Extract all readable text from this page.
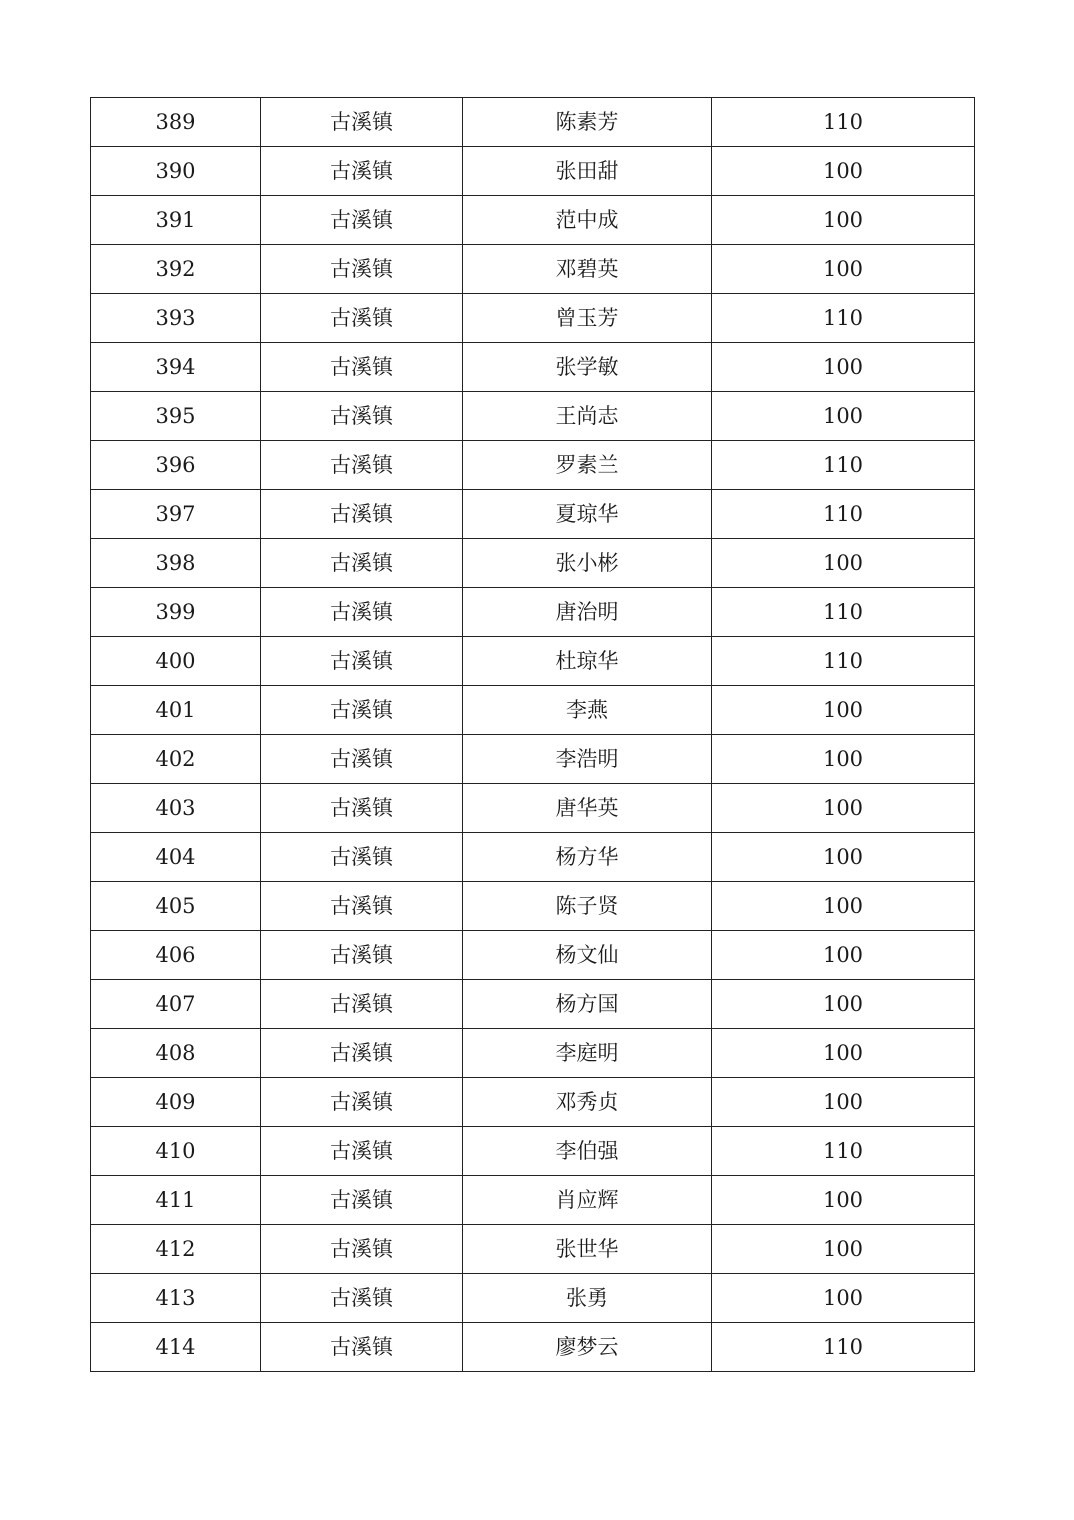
389	古溪镇	陈素芳	110
390	古溪镇	张田甜	100
391	古溪镇	范中成	100
392	古溪镇	邓碧英	100
393	古溪镇	曾玉芳	110
394	古溪镇	张学敏	100
395	古溪镇	王尚志	100
396	古溪镇	罗素兰	110
397	古溪镇	夏琼华	110
398	古溪镇	张小彬	100
399	古溪镇	唐治明	110
400	古溪镇	杜琼华	110
401	古溪镇	李燕	100
402	古溪镇	李浩明	100
403	古溪镇	唐华英	100
404	古溪镇	杨方华	100
405	古溪镇	陈子贤	100
406	古溪镇	杨文仙	100
407	古溪镇	杨方国	100
408	古溪镇	李庭明	100
409	古溪镇	邓秀贞	100
410	古溪镇	李伯强	110
411	古溪镇	肖应辉	100
412	古溪镇	张世华	100
413	古溪镇	张勇	100
414	古溪镇	廖梦云	110
